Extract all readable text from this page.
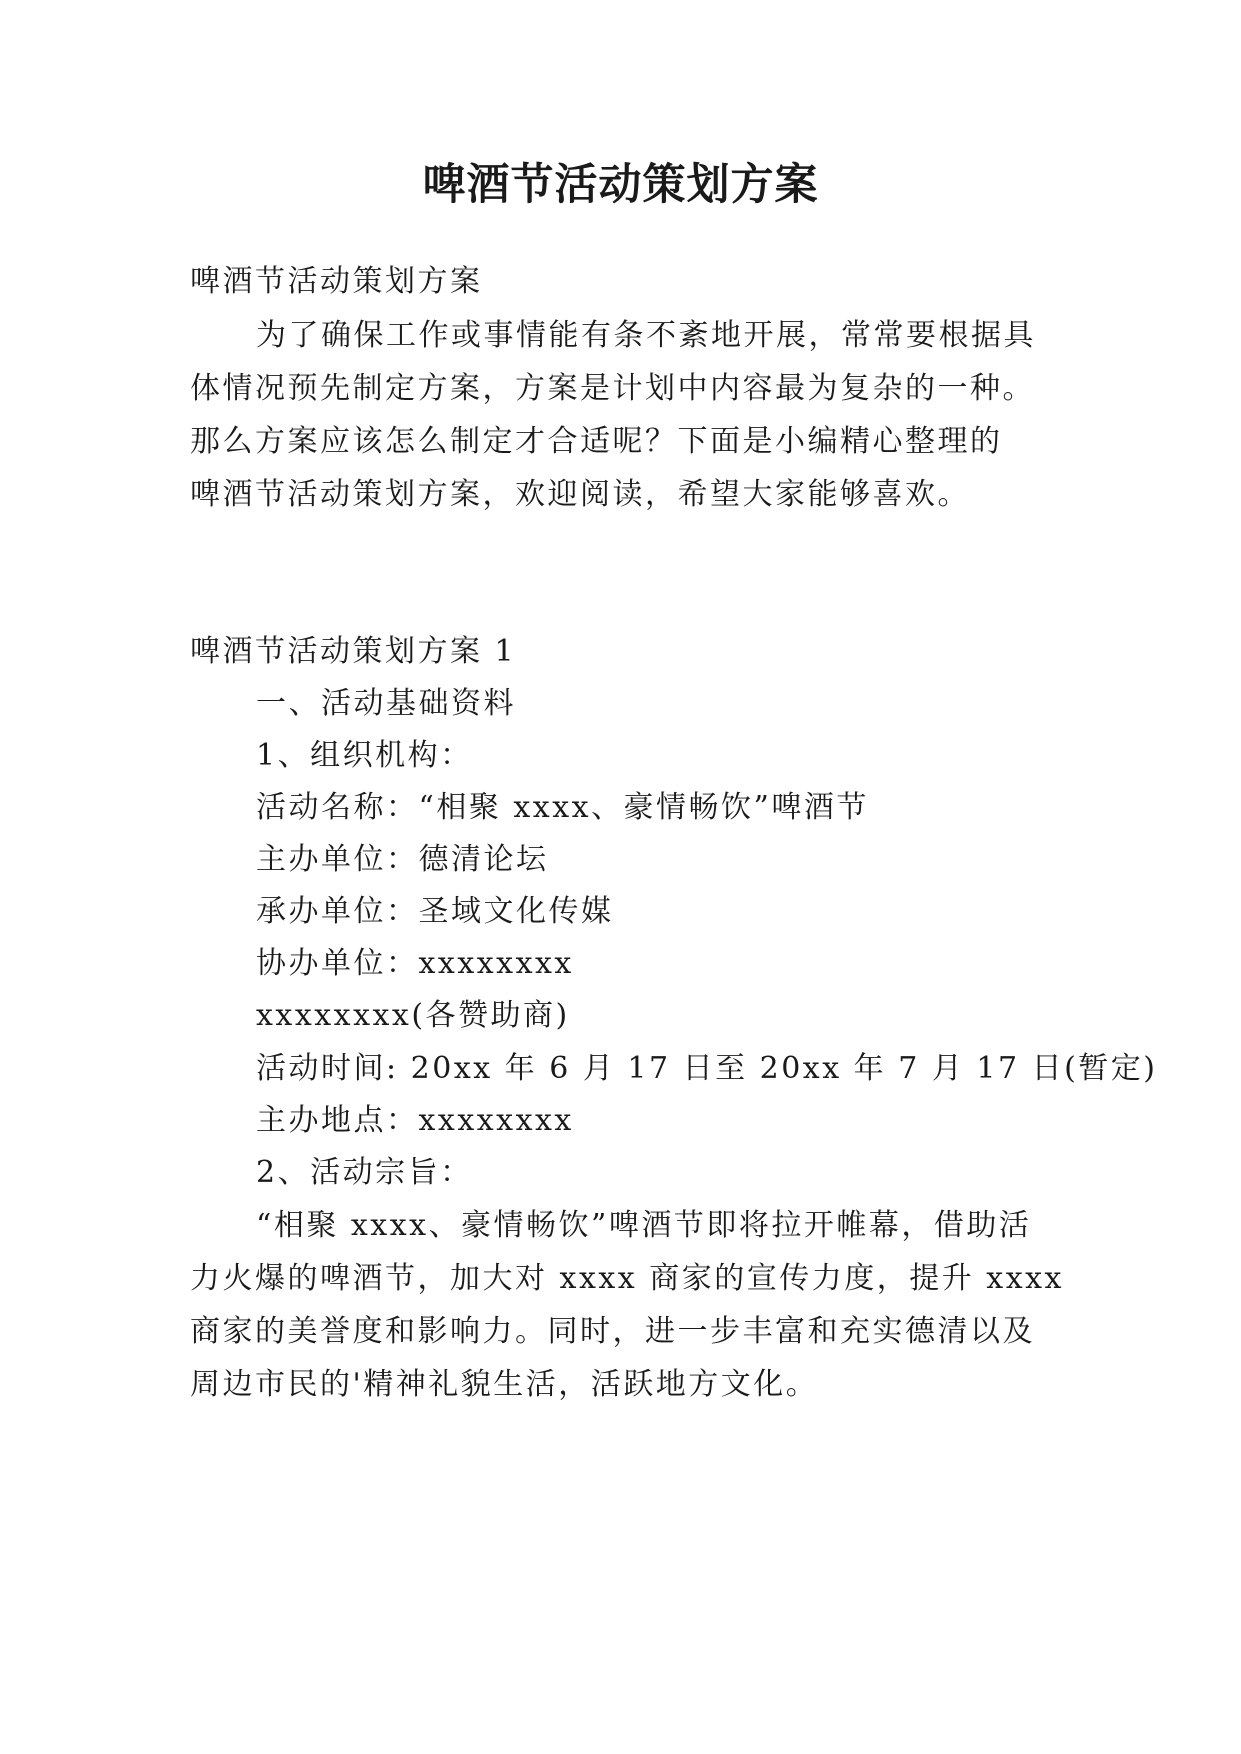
啤酒节活动策划方案
啤酒节活动策划方案
为了确保工作或事情能有条不紊地开展，常常要根据具
体情况预先制定方案，方案是计划中内容最为复杂的一种。
那么方案应该怎么制定才合适呢？下面是小编精心整理的
啤酒节活动策划方案，欢迎阅读，希望大家能够喜欢。
啤酒节活动策划方案 1
一、活动基础资料
1、组织机构：
活动名称：“相聚 xxxx、豪情畅饮”啤酒节
主办单位：德清论坛
承办单位：圣域文化传媒
协办单位：xxxxxxxx
xxxxxxxx(各赞助商)
活动时间: 20xx 年 6 月 17 日至 20xx 年 7 月 17 日(暂定)
主办地点：xxxxxxxx
2、活动宗旨：
“相聚 xxxx、豪情畅饮”啤酒节即将拉开帷幕，借助活
力火爆的啤酒节，加大对 xxxx 商家的宣传力度，提升 xxxx
商家的美誉度和影响力。同时，进一步丰富和充实德清以及
周边市民的'精神礼貌生活，活跃地方文化。
